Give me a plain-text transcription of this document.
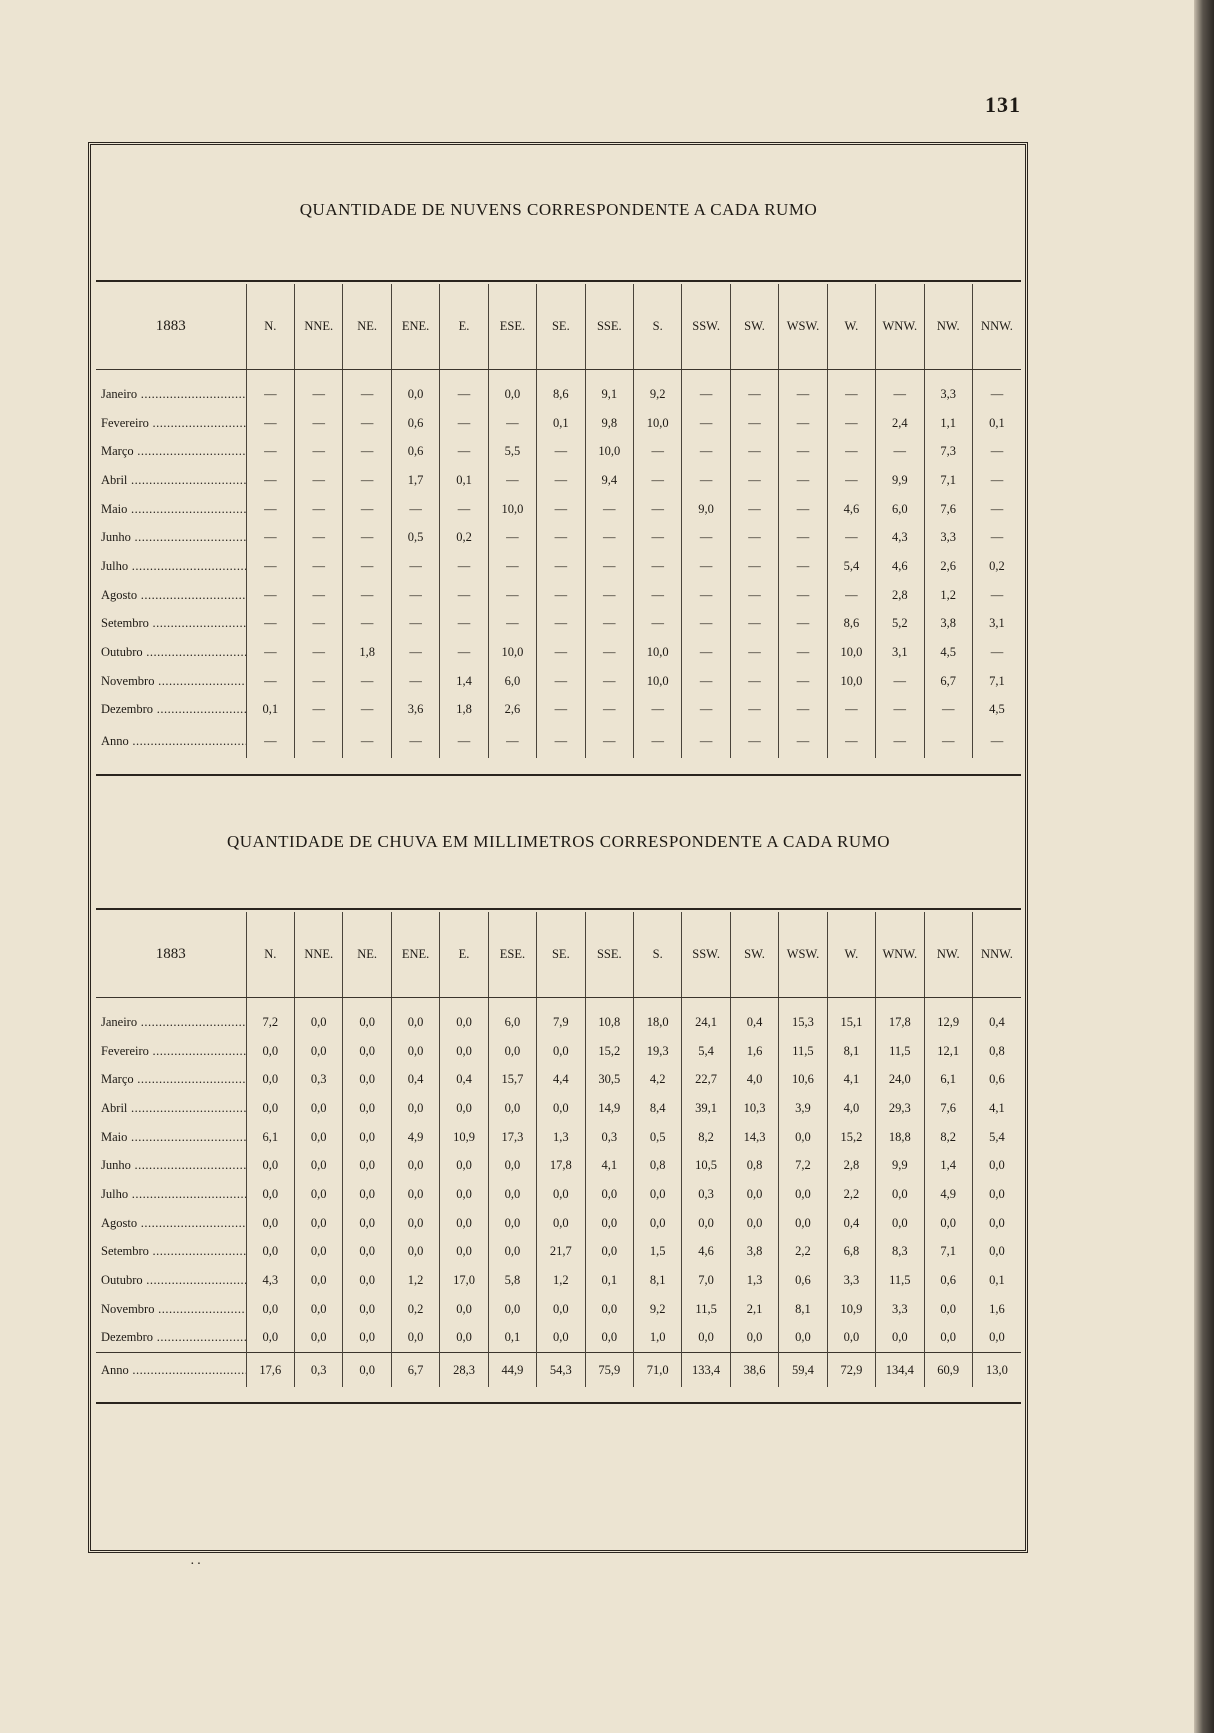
131
QUANTIDADE DE NUVENS CORRESPONDENTE A CADA RUMO
1883	N.	NNE.	NE.	ENE.	E.	ESE.	SE.	SSE.	S.	SSW.	SW.	WSW.	W.	WNW.	NW.	NNW.

Janeiro .....	—	—	—	0,0	—	0,0	8,6	9,1	9,2	—	—	—	—	—	3,3	—
Fevereiro .....	—	—	—	0,6	—	—	0,1	9,8	10,0	—	—	—	—	2,4	1,1	0,1
Março .....	—	—	—	0,6	—	5,5	—	10,0	—	—	—	—	—	—	7,3	—
Abril .....	—	—	—	1,7	0,1	—	—	9,4	—	—	—	—	—	9,9	7,1	—
Maio .....	—	—	—	—	—	10,0	—	—	—	9,0	—	—	4,6	6,0	7,6	—
Junho .....	—	—	—	0,5	0,2	—	—	—	—	—	—	—	—	4,3	3,3	—
Julho .....	—	—	—	—	—	—	—	—	—	—	—	—	5,4	4,6	2,6	0,2
Agosto .....	—	—	—	—	—	—	—	—	—	—	—	—	—	2,8	1,2	—
Setembro .....	—	—	—	—	—	—	—	—	—	—	—	—	8,6	5,2	3,8	3,1
Outubro .....	—	—	1,8	—	—	10,0	—	—	10,0	—	—	—	10,0	3,1	4,5	—
Novembro .....	—	—	—	—	1,4	6,0	—	—	10,0	—	—	—	10,0	—	6,7	7,1
Dezembro .....	0,1	—	—	3,6	1,8	2,6	—	—	—	—	—	—	—	—	—	4,5
Anno .....	—	—	—	—	—	—	—	—	—	—	—	—	—	—	—	—
QUANTIDADE DE CHUVA EM MILLIMETROS CORRESPONDENTE A CADA RUMO
1883	N.	NNE.	NE.	ENE.	E.	ESE.	SE.	SSE.	S.	SSW.	SW.	WSW.	W.	WNW.	NW.	NNW.

Janeiro .....	7,2	0,0	0,0	0,0	0,0	6,0	7,9	10,8	18,0	24,1	0,4	15,3	15,1	17,8	12,9	0,4
Fevereiro .....	0,0	0,0	0,0	0,0	0,0	0,0	0,0	15,2	19,3	5,4	1,6	11,5	8,1	11,5	12,1	0,8
Março .....	0,0	0,3	0,0	0,4	0,4	15,7	4,4	30,5	4,2	22,7	4,0	10,6	4,1	24,0	6,1	0,6
Abril .....	0,0	0,0	0,0	0,0	0,0	0,0	0,0	14,9	8,4	39,1	10,3	3,9	4,0	29,3	7,6	4,1
Maio .....	6,1	0,0	0,0	4,9	10,9	17,3	1,3	0,3	0,5	8,2	14,3	0,0	15,2	18,8	8,2	5,4
Junho .....	0,0	0,0	0,0	0,0	0,0	0,0	17,8	4,1	0,8	10,5	0,8	7,2	2,8	9,9	1,4	0,0
Julho .....	0,0	0,0	0,0	0,0	0,0	0,0	0,0	0,0	0,0	0,3	0,0	0,0	2,2	0,0	4,9	0,0
Agosto .....	0,0	0,0	0,0	0,0	0,0	0,0	0,0	0,0	0,0	0,0	0,0	0,0	0,4	0,0	0,0	0,0
Setembro .....	0,0	0,0	0,0	0,0	0,0	0,0	21,7	0,0	1,5	4,6	3,8	2,2	6,8	8,3	7,1	0,0
Outubro .....	4,3	0,0	0,0	1,2	17,0	5,8	1,2	0,1	8,1	7,0	1,3	0,6	3,3	11,5	0,6	0,1
Novembro .....	0,0	0,0	0,0	0,2	0,0	0,0	0,0	0,0	9,2	11,5	2,1	8,1	10,9	3,3	0,0	1,6
Dezembro .....	0,0	0,0	0,0	0,0	0,0	0,1	0,0	0,0	1,0	0,0	0,0	0,0	0,0	0,0	0,0	0,0
Anno .....	17,6	0,3	0,0	6,7	28,3	44,9	54,3	75,9	71,0	133,4	38,6	59,4	72,9	134,4	60,9	13,0
··
